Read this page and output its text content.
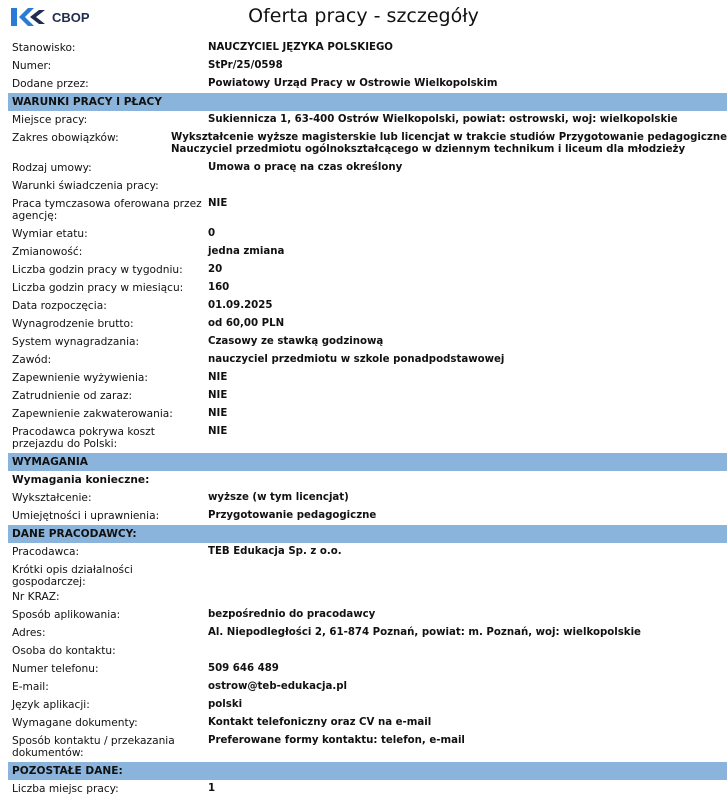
CBOP	Oferta pracy - szczegóły
Stanowisko:	NAUCZYCIEL JĘZYKA POLSKIEGO
Numer:	StPr/25/0598
Dodane przez:	Powiatowy Urząd Pracy w Ostrowie Wielkopolskim
WARUNKI PRACY I PŁACY
Miejsce pracy:	Sukiennicza 1, 63-400 Ostrów Wielkopolski, powiat: ostrowski, woj: wielkopolskie
Zakres obowiązków:	Wykształcenie wyższe magisterskie lub licencjat w trakcie studiów Przygotowanie pedagogiczne
Nauczyciel przedmiotu ogólnokształcącego w dziennym technikum i liceum dla młodzieży
Rodzaj umowy:	Umowa o pracę na czas określony
Warunki świadczenia pracy:
Praca tymczasowa oferowana przez agencję:
NIE
Wymiar etatu:	0
Zmianowość:	jedna zmiana
Liczba godzin pracy w tygodniu:	20
Liczba godzin pracy w miesiącu:	160
Data rozpoczęcia:	01.09.2025
Wynagrodzenie brutto:	od 60,00 PLN
System wynagradzania:	Czasowy ze stawką godzinową
Zawód:	nauczyciel przedmiotu w szkole ponadpodstawowej
Zapewnienie wyżywienia:	NIE
Zatrudnienie od zaraz:	NIE
Zapewnienie zakwaterowania:	NIE
Pracodawca pokrywa koszt przejazdu do Polski:
NIE
WYMAGANIA
Wymagania konieczne:
Wykształcenie:	wyższe (w tym licencjat)
Umiejętności i uprawnienia:	Przygotowanie pedagogiczne
DANE PRACODAWCY:
Pracodawca:	TEB Edukacja Sp. z o.o.
Krótki opis działalności gospodarczej:
Nr KRAZ:
Sposób aplikowania:	bezpośrednio do pracodawcy
Adres:	Al. Niepodległości 2, 61-874 Poznań, powiat: m. Poznań, woj: wielkopolskie
Osoba do kontaktu:
Numer telefonu:	509 646 489
E-mail:	ostrow@teb-edukacja.pl
Język aplikacji:	polski
Wymagane dokumenty:	Kontakt telefoniczny oraz CV na e-mail
Sposób kontaktu / przekazania dokumentów:
Preferowane formy kontaktu: telefon, e-mail
POZOSTAŁE DANE:
Liczba miejsc pracy:	1
